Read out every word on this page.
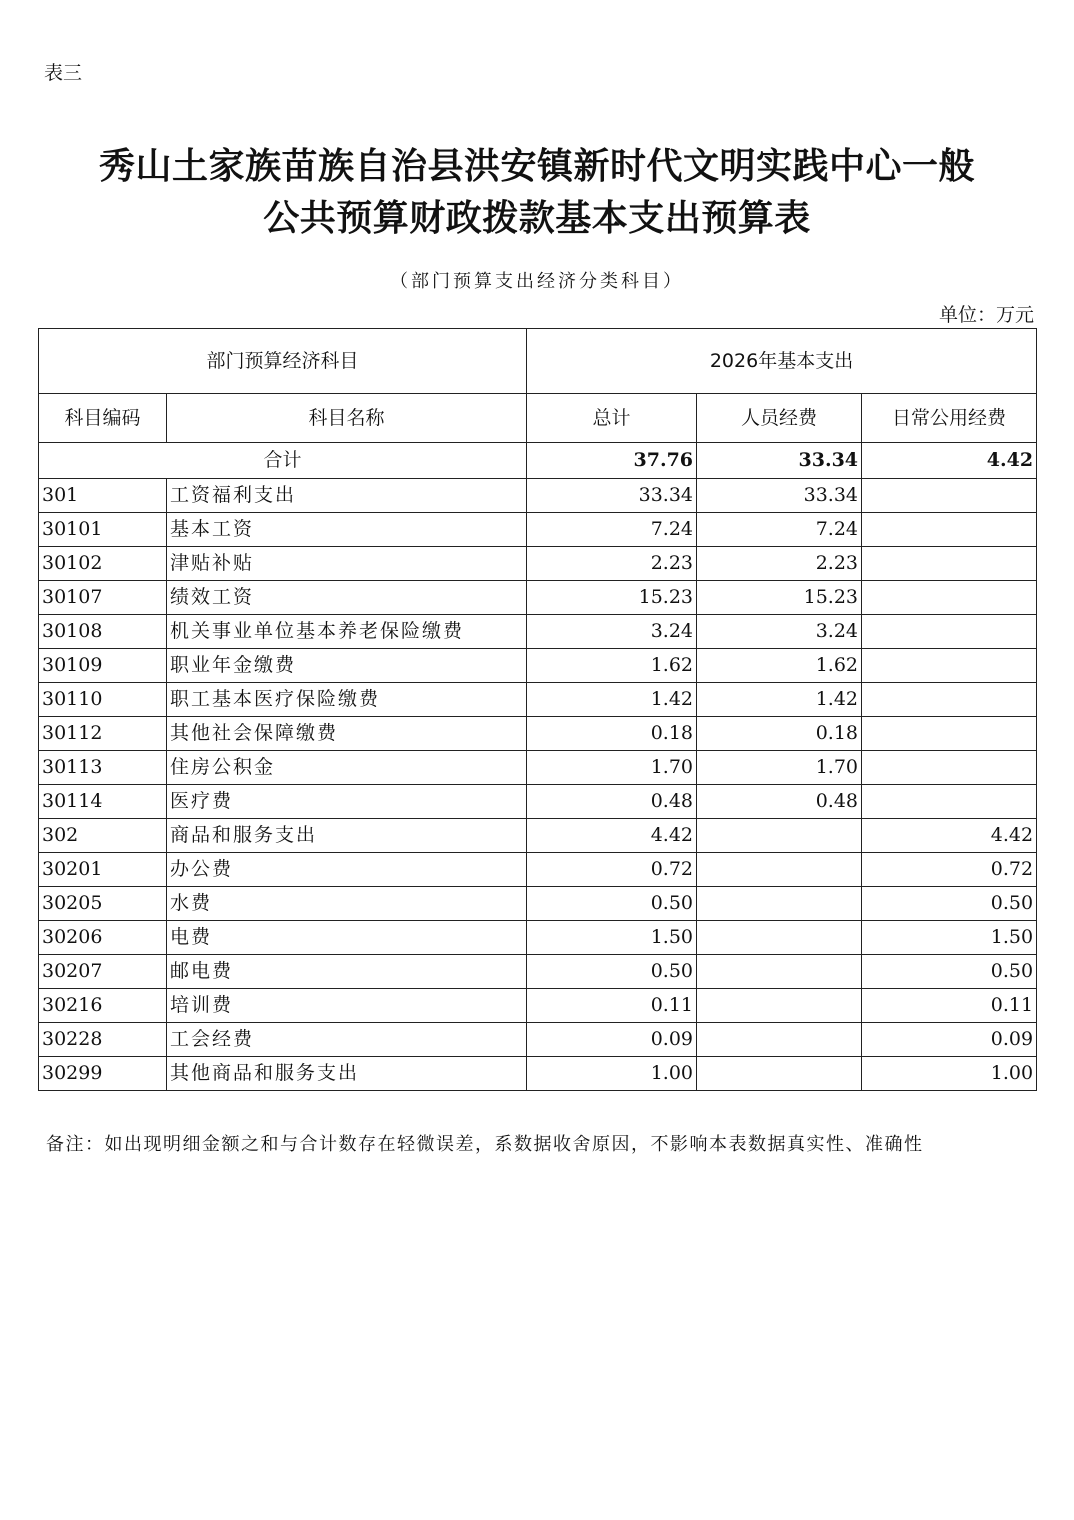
表三
秀山土家族苗族自治县洪安镇新时代文明实践中心一般
公共预算财政拨款基本支出预算表
（部门预算支出经济分类科目）
单位：万元
部门预算经济科目		2026年基本支出		
科目编码	科目名称	总计	人员经费	日常公用经费
合计		37.76	33.34	4.42
301	工资福利支出	33.34	33.34	
30101	基本工资	7.24	7.24	
30102	津贴补贴	2.23	2.23	
30107	绩效工资	15.23	15.23	
30108	机关事业单位基本养老保险缴费	3.24	3.24	
30109	职业年金缴费	1.62	1.62	
30110	职工基本医疗保险缴费	1.42	1.42	
30112	其他社会保障缴费	0.18	0.18	
30113	住房公积金	1.70	1.70	
30114	医疗费	0.48	0.48	
302	商品和服务支出	4.42		4.42
30201	办公费	0.72		0.72
30205	水费	0.50		0.50
30206	电费	1.50		1.50
30207	邮电费	0.50		0.50
30216	培训费	0.11		0.11
30228	工会经费	0.09		0.09
30299	其他商品和服务支出	1.00		1.00
备注：如出现明细金额之和与合计数存在轻微误差，系数据收舍原因，不影响本表数据真实性、准确性
